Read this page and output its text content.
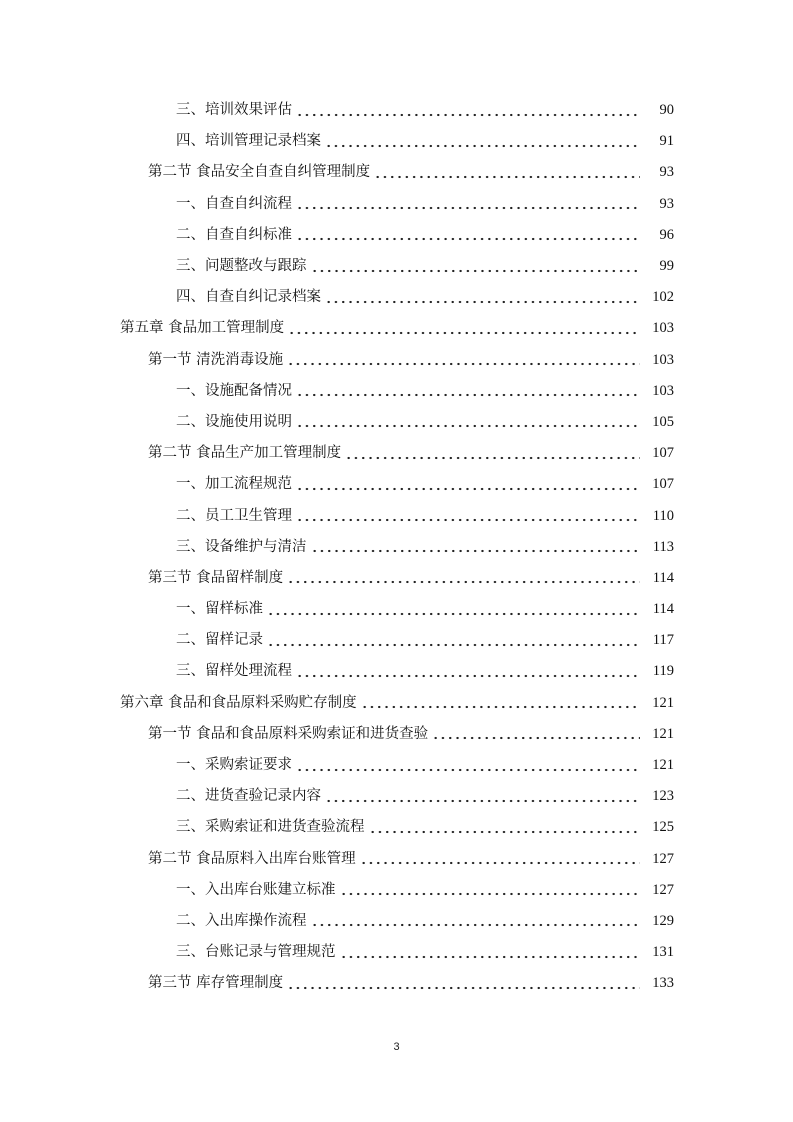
三、培训效果评估	90
四、培训管理记录档案	91
第二节 食品安全自查自纠管理制度	93
一、自查自纠流程	93
二、自查自纠标准	96
三、问题整改与跟踪	99
四、自查自纠记录档案	102
第五章 食品加工管理制度	103
第一节 清洗消毒设施	103
一、设施配备情况	103
二、设施使用说明	105
第二节 食品生产加工管理制度	107
一、加工流程规范	107
二、员工卫生管理	110
三、设备维护与清洁	113
第三节 食品留样制度	114
一、留样标准	114
二、留样记录	117
三、留样处理流程	119
第六章 食品和食品原料采购贮存制度	121
第一节 食品和食品原料采购索证和进货查验	121
一、采购索证要求	121
二、进货查验记录内容	123
三、采购索证和进货查验流程	125
第二节 食品原料入出库台账管理	127
一、入出库台账建立标准	127
二、入出库操作流程	129
三、台账记录与管理规范	131
第三节 库存管理制度	133
3
